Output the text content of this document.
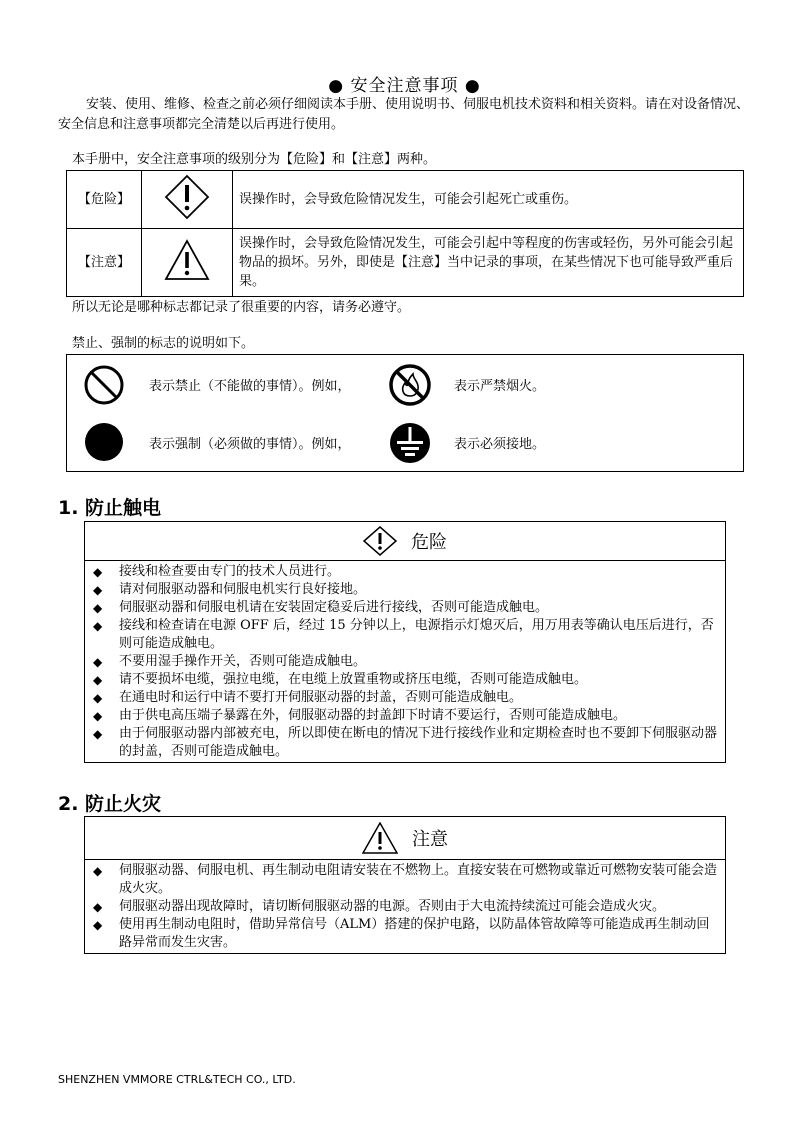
● 安全注意事项 ●
安装、使用、维修、检查之前必须仔细阅读本手册、使用说明书、伺服电机技术资料和相关资料。请在对设备情况、安全信息和注意事项都完全清楚以后再进行使用。
本手册中，安全注意事项的级别分为【危险】和【注意】两种。
【危险】		误操作时，会导致危险情况发生，可能会引起死亡或重伤。
【注意】		误操作时，会导致危险情况发生，可能会引起中等程度的伤害或轻伤，另外可能会引起物品的损坏。另外，即使是【注意】当中记录的事项，在某些情况下也可能导致严重后果。
所以无论是哪种标志都记录了很重要的内容，请务必遵守。
禁止、强制的标志的说明如下。
表示禁止（不能做的事情）。例如，	表示严禁烟火。
表示强制（必须做的事情）。例如，	表示必须接地。
1. 防止触电
危险
◆	接线和检查要由专门的技术人员进行。
◆	请对伺服驱动器和伺服电机实行良好接地。
◆	伺服驱动器和伺服电机请在安装固定稳妥后进行接线，否则可能造成触电。
◆	接线和检查请在电源 OFF 后，经过 15 分钟以上，电源指示灯熄灭后，用万用表等确认电压后进行，否则可能造成触电。
◆	不要用湿手操作开关，否则可能造成触电。
◆	请不要损坏电缆，强拉电缆，在电缆上放置重物或挤压电缆，否则可能造成触电。
◆	在通电时和运行中请不要打开伺服驱动器的封盖，否则可能造成触电。
◆	由于供电高压端子暴露在外，伺服驱动器的封盖卸下时请不要运行，否则可能造成触电。
◆	由于伺服驱动器内部被充电，所以即使在断电的情况下进行接线作业和定期检查时也不要卸下伺服驱动器的封盖，否则可能造成触电。
2. 防止火灾
注意
◆	伺服驱动器、伺服电机、再生制动电阻请安装在不燃物上。直接安装在可燃物或靠近可燃物安装可能会造成火灾。
◆	伺服驱动器出现故障时，请切断伺服驱动器的电源。否则由于大电流持续流过可能会造成火灾。
◆	使用再生制动电阻时，借助异常信号（ALM）搭建的保护电路，以防晶体管故障等可能造成再生制动回路异常而发生灾害。
SHENZHEN VMMORE CTRL&TECH CO., LTD.
